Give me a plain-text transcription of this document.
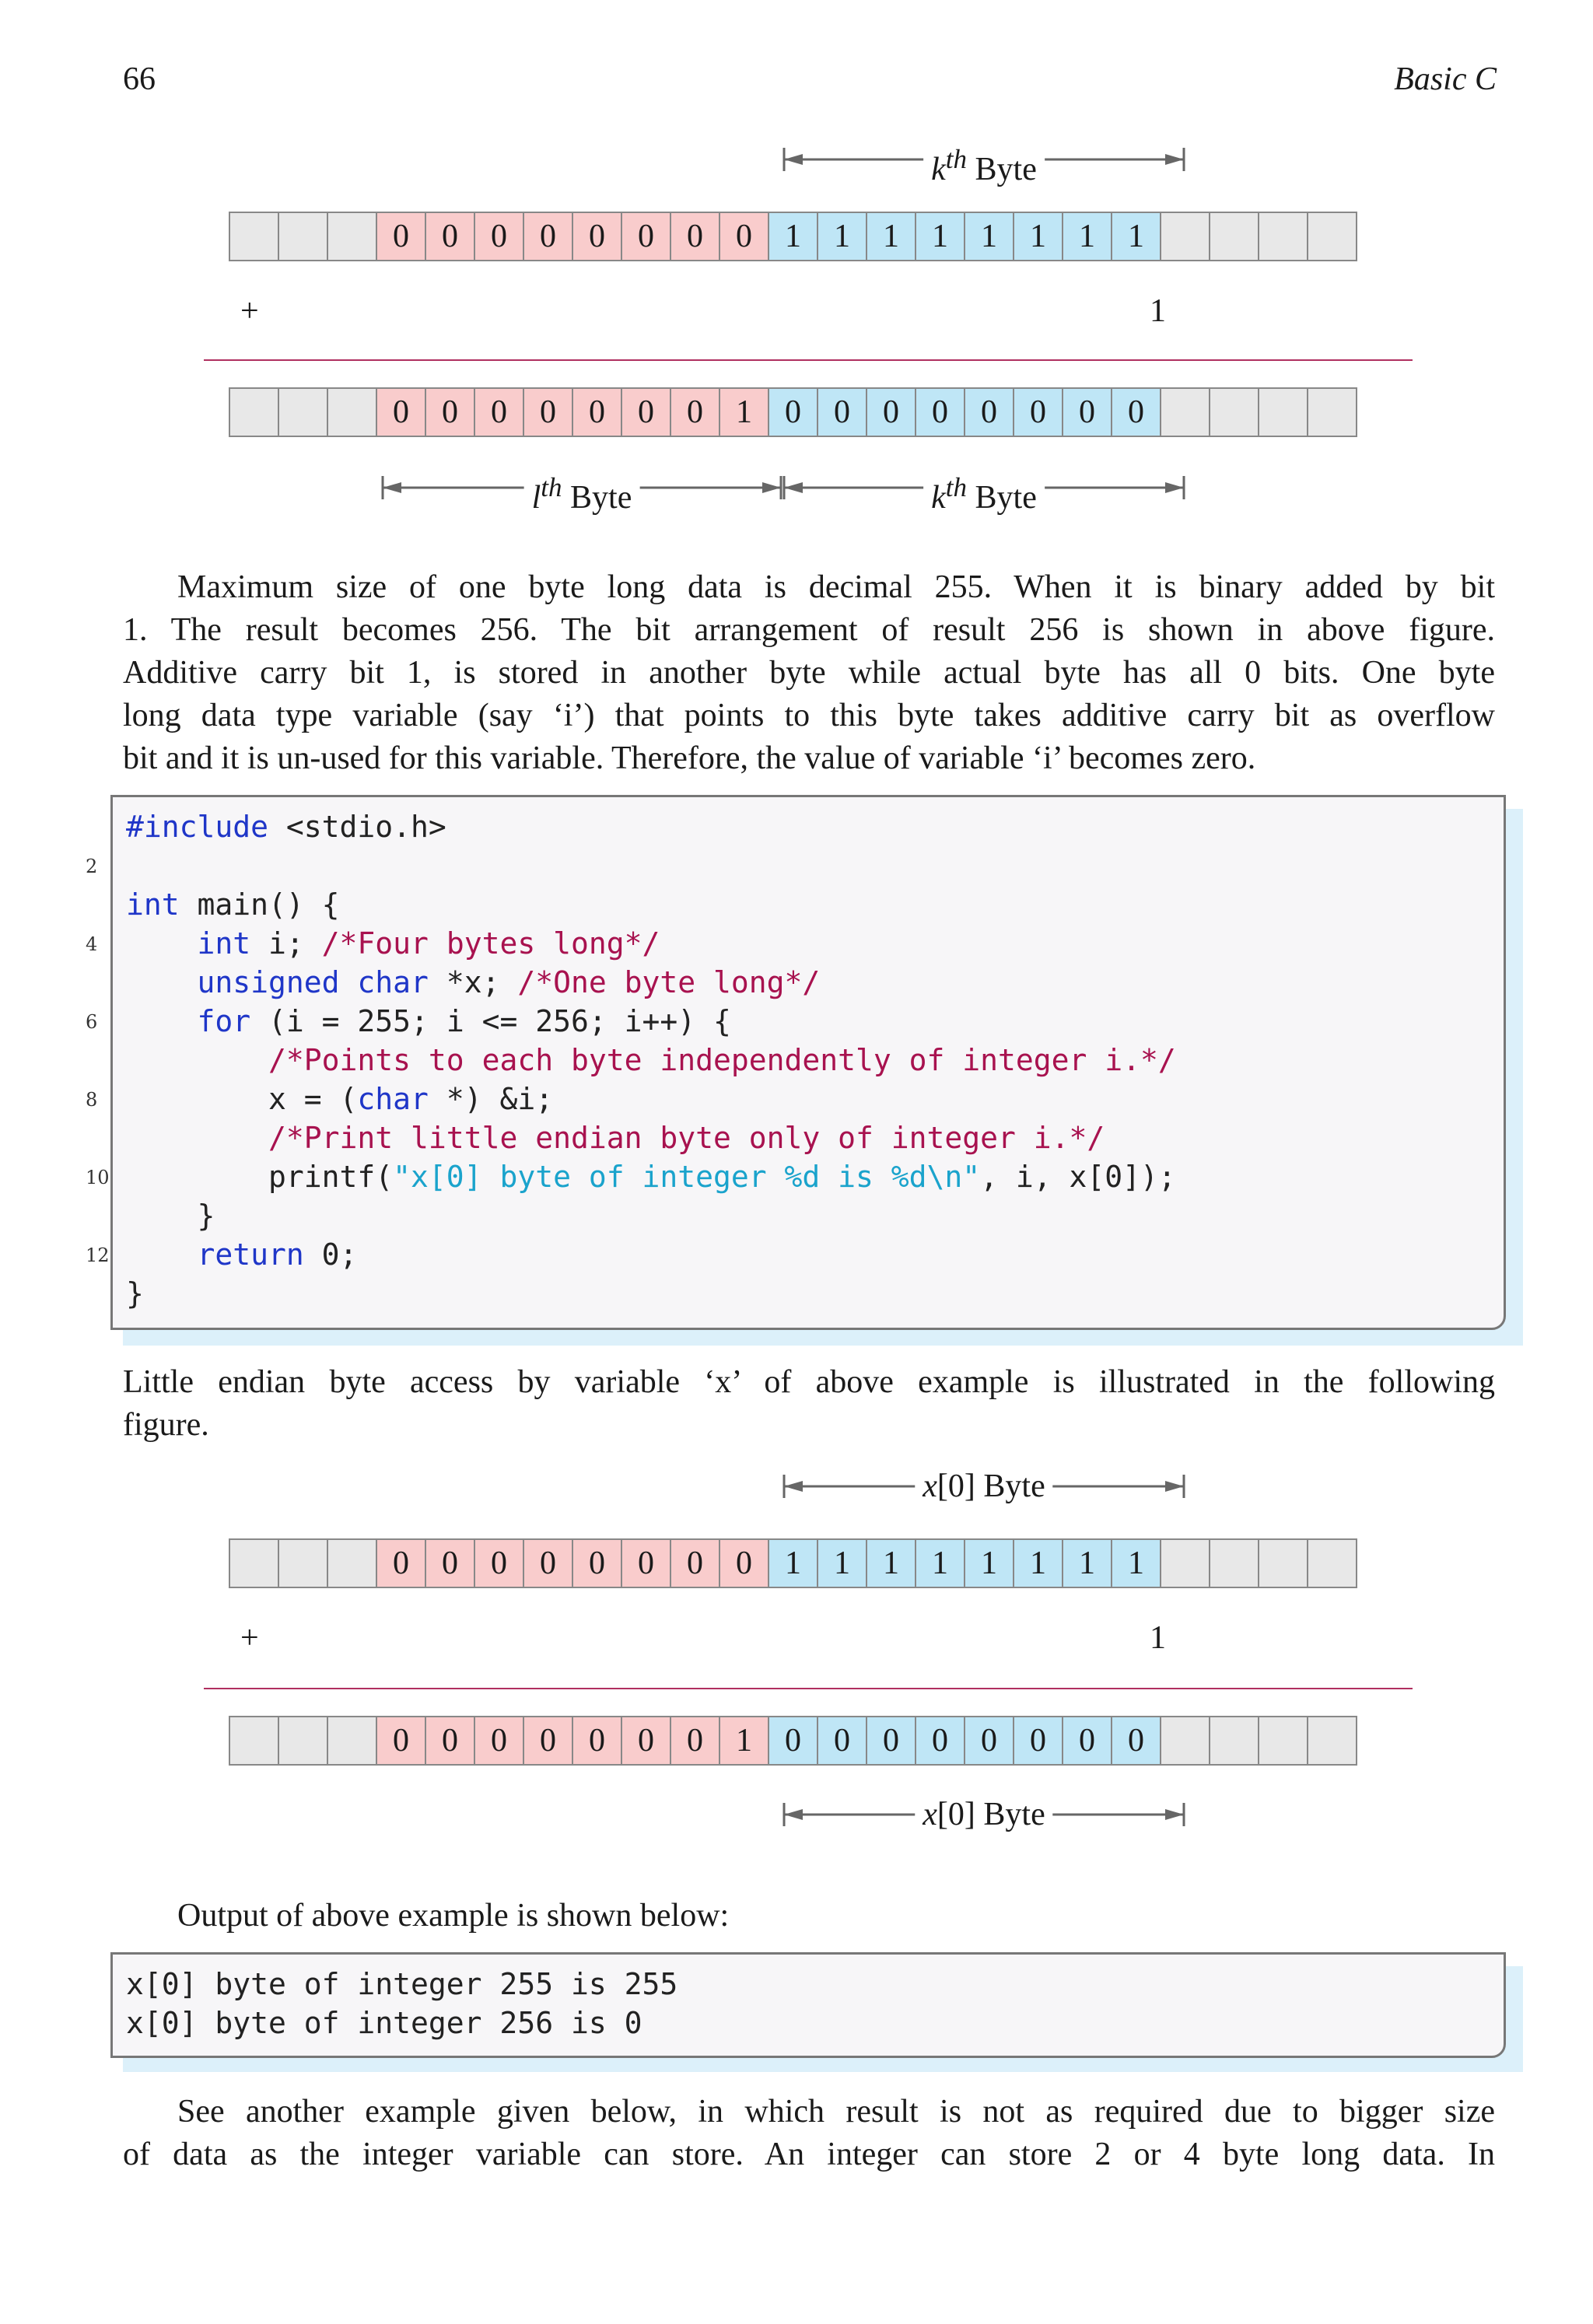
66	Basic C
$k^{th}$ Byte
0	0	0	0	0	0	0	0	1	1	1	1	1	1	1	1
+	1
0	0	0	0	0	0	0	1	0	0	0	0	0	0	0	0
$l^{th}$ Byte	$k^{th}$ Byte
Maximum size of one byte long data is decimal 255. When it is binary added by bit
1. The result becomes 256. The bit arrangement of result 256 is shown in above figure.
Additive carry bit 1, is stored in another byte while actual byte has all 0 bits. One byte
long data type variable (say ‘i’) that points to this byte takes additive carry bit as overflow
bit and it is un-used for this variable. Therefore, the value of variable ‘i’ becomes zero.
2
4
6
8
10
12
#include <stdio.h>

int main() {
int i; /*Four bytes long*/
unsigned char *x; /*One byte long*/
for (i = 255; i <= 256; i++) {
/*Points to each byte independently of integer i.*/
x = (char *) &i;
/*Print little endian byte only of integer i.*/
printf("x[0] byte of integer %d is %d\n", i, x[0]);
}
return 0;
}
Little endian byte access by variable ‘x’ of above example is illustrated in the following
figure.
x[0] Byte
0	0	0	0	0	0	0	0	1	1	1	1	1	1	1	1
+	1
0	0	0	0	0	0	0	1	0	0	0	0	0	0	0	0
x[0] Byte
Output of above example is shown below:
x[0] byte of integer 255 is 255
x[0] byte of integer 256 is 0
See another example given below, in which result is not as required due to bigger size
of data as the integer variable can store. An integer can store 2 or 4 byte long data. In
